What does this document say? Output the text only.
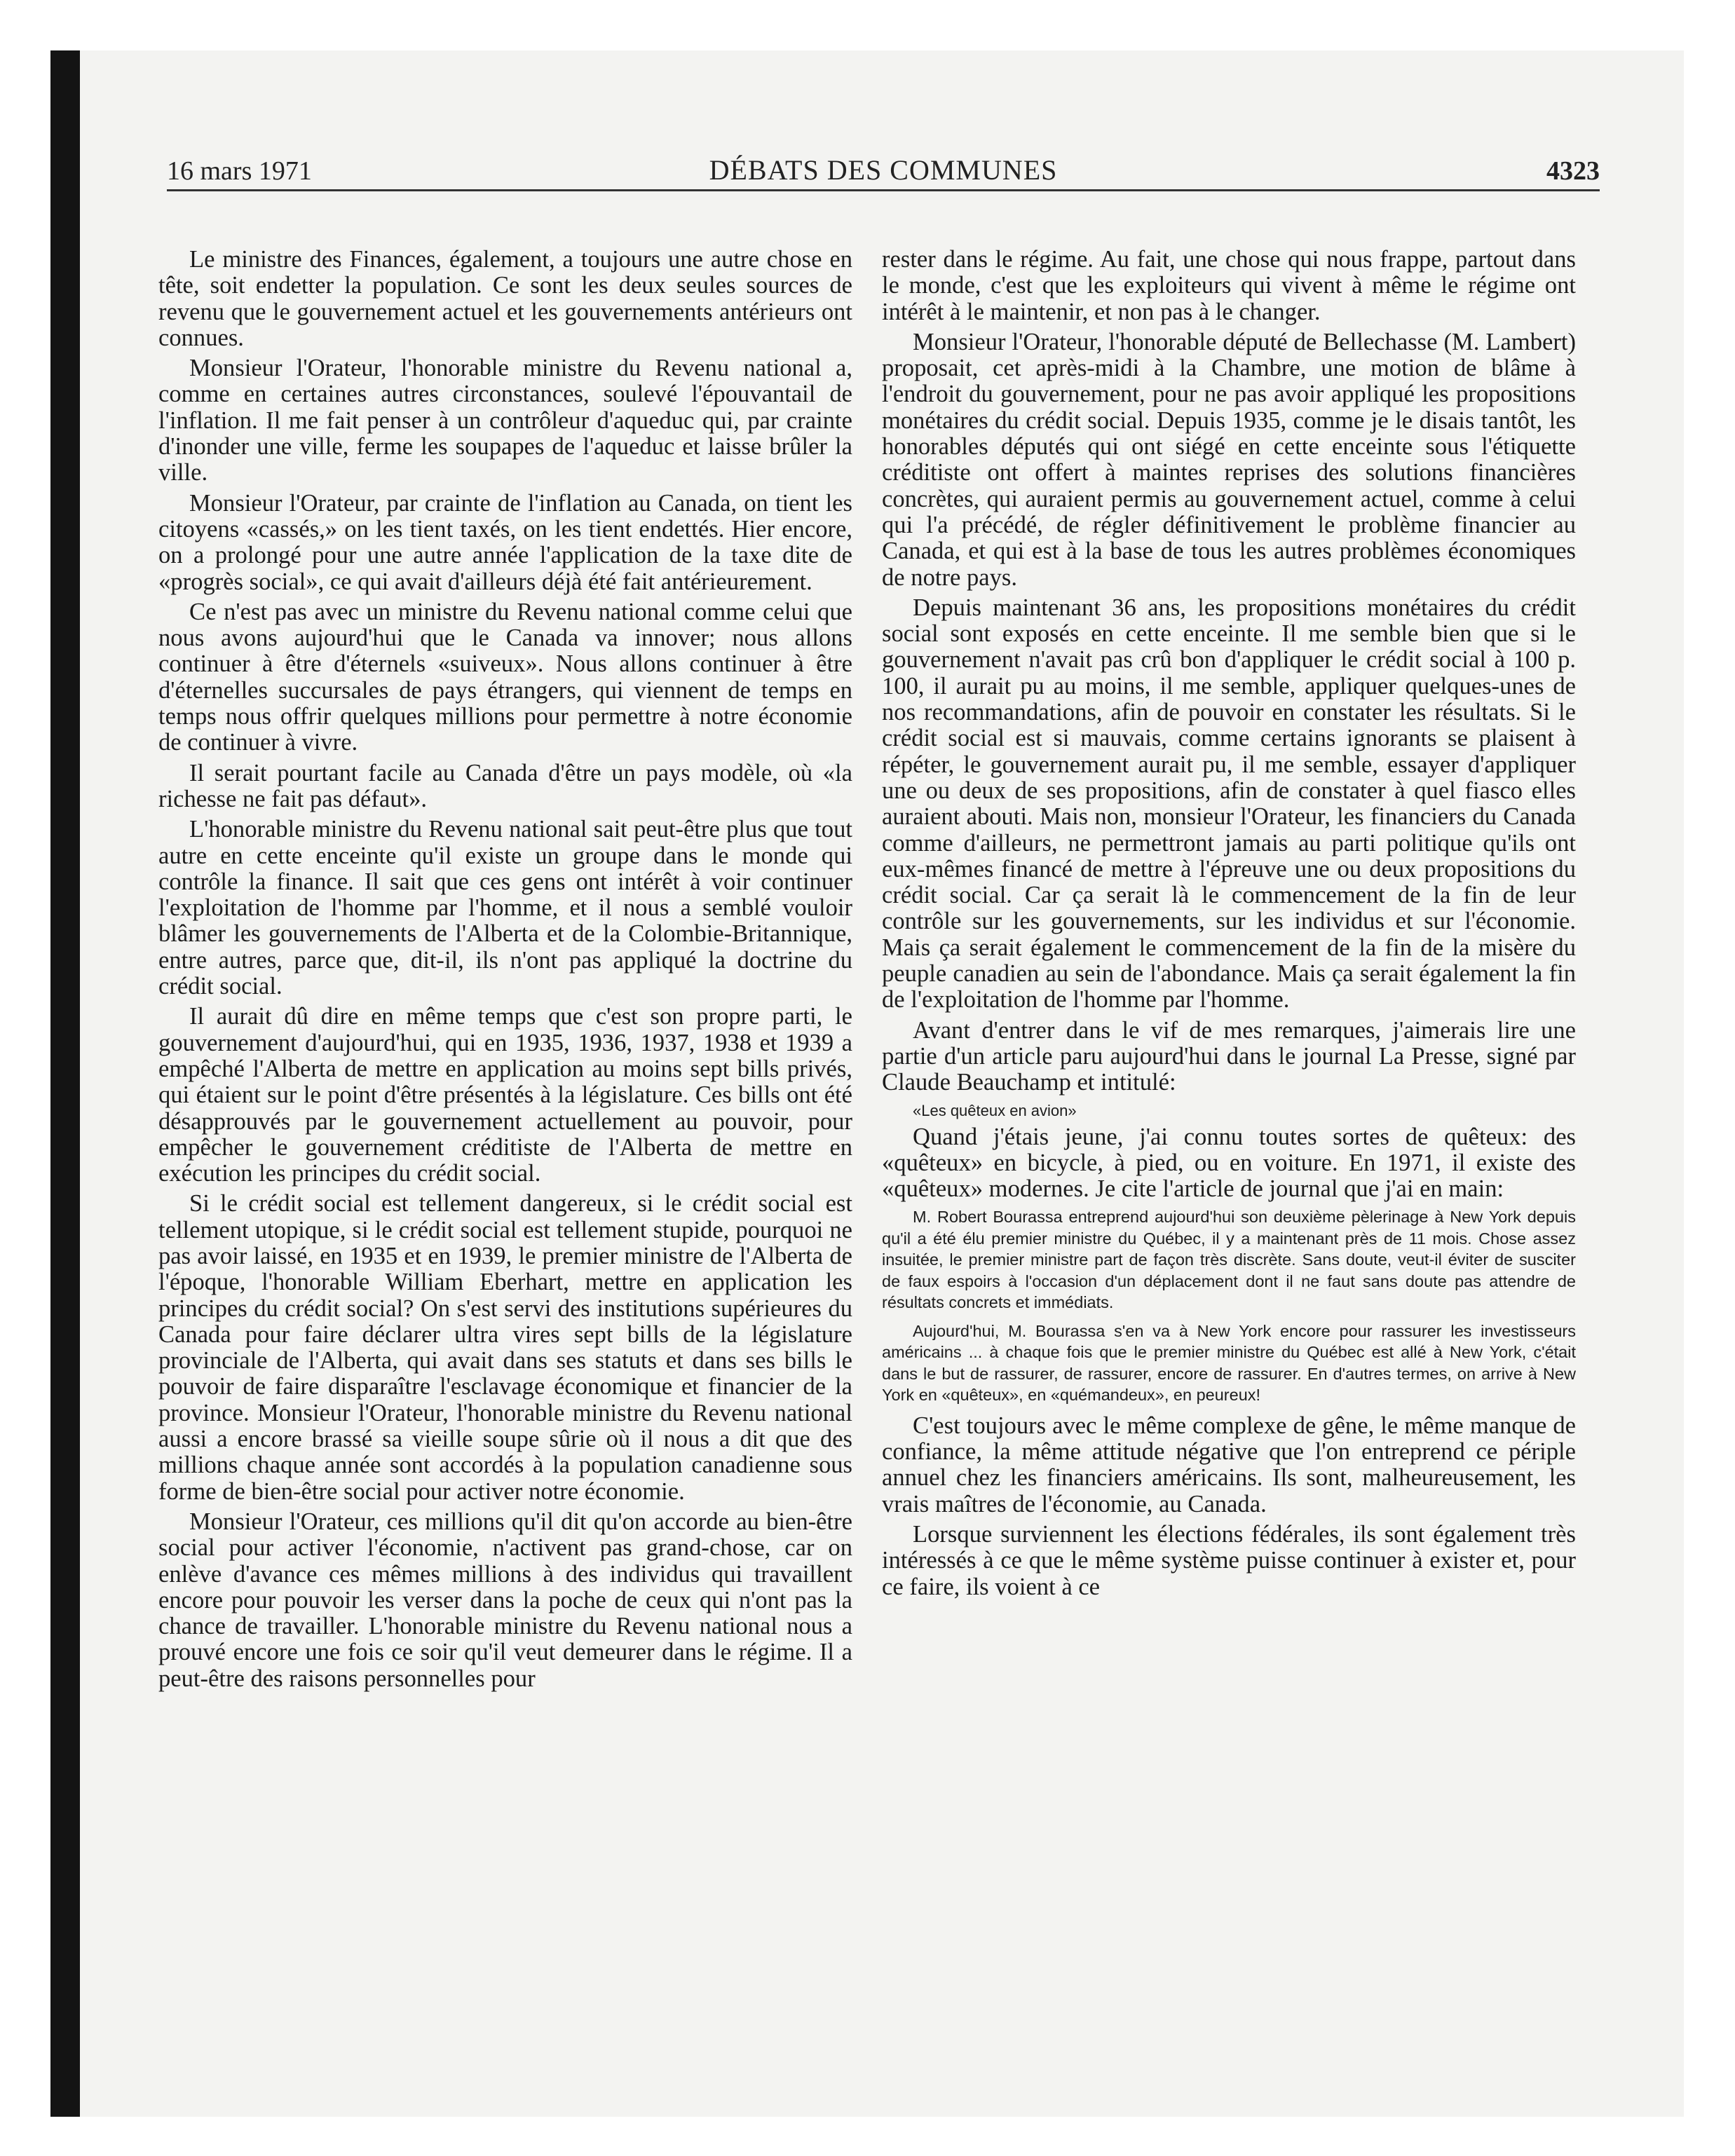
16 mars 1971	DÉBATS DES COMMUNES	4323

Le ministre des Finances, également, a toujours une autre chose en tête, soit endetter la population. Ce sont les deux seules sources de revenu que le gouvernement actuel et les gouvernements antérieurs ont connues.

Monsieur l'Orateur, l'honorable ministre du Revenu national a, comme en certaines autres circonstances, soulevé l'épouvantail de l'inflation. Il me fait penser à un contrôleur d'aqueduc qui, par crainte d'inonder une ville, ferme les soupapes de l'aqueduc et laisse brûler la ville.

Monsieur l'Orateur, par crainte de l'inflation au Canada, on tient les citoyens «cassés,» on les tient taxés, on les tient endettés. Hier encore, on a prolongé pour une autre année l'application de la taxe dite de «progrès social», ce qui avait d'ailleurs déjà été fait antérieurement.

Ce n'est pas avec un ministre du Revenu national comme celui que nous avons aujourd'hui que le Canada va innover; nous allons continuer à être d'éternels «suiveux». Nous allons continuer à être d'éternelles succursales de pays étrangers, qui viennent de temps en temps nous offrir quelques millions pour permettre à notre économie de continuer à vivre.

Il serait pourtant facile au Canada d'être un pays modèle, où «la richesse ne fait pas défaut».

L'honorable ministre du Revenu national sait peut-être plus que tout autre en cette enceinte qu'il existe un groupe dans le monde qui contrôle la finance. Il sait que ces gens ont intérêt à voir continuer l'exploitation de l'homme par l'homme, et il nous a semblé vouloir blâmer les gouvernements de l'Alberta et de la Colombie-Britannique, entre autres, parce que, dit-il, ils n'ont pas appliqué la doctrine du crédit social.

Il aurait dû dire en même temps que c'est son propre parti, le gouvernement d'aujourd'hui, qui en 1935, 1936, 1937, 1938 et 1939 a empêché l'Alberta de mettre en application au moins sept bills privés, qui étaient sur le point d'être présentés à la législature. Ces bills ont été désapprouvés par le gouvernement actuellement au pouvoir, pour empêcher le gouvernement créditiste de l'Alberta de mettre en exécution les principes du crédit social.

Si le crédit social est tellement dangereux, si le crédit social est tellement utopique, si le crédit social est tellement stupide, pourquoi ne pas avoir laissé, en 1935 et en 1939, le premier ministre de l'Alberta de l'époque, l'honorable William Eberhart, mettre en application les principes du crédit social? On s'est servi des institutions supérieures du Canada pour faire déclarer ultra vires sept bills de la législature provinciale de l'Alberta, qui avait dans ses statuts et dans ses bills le pouvoir de faire disparaître l'esclavage économique et financier de la province. Monsieur l'Orateur, l'honorable ministre du Revenu national aussi a encore brassé sa vieille soupe sûrie où il nous a dit que des millions chaque année sont accordés à la population canadienne sous forme de bien-être social pour activer notre économie.

Monsieur l'Orateur, ces millions qu'il dit qu'on accorde au bien-être social pour activer l'économie, n'activent pas grand-chose, car on enlève d'avance ces mêmes millions à des individus qui travaillent encore pour pouvoir les verser dans la poche de ceux qui n'ont pas la chance de travailler. L'honorable ministre du Revenu national nous a prouvé encore une fois ce soir qu'il veut demeurer dans le régime. Il a peut-être des raisons personnelles pour

rester dans le régime. Au fait, une chose qui nous frappe, partout dans le monde, c'est que les exploiteurs qui vivent à même le régime ont intérêt à le maintenir, et non pas à le changer.

Monsieur l'Orateur, l'honorable député de Bellechasse (M. Lambert) proposait, cet après-midi à la Chambre, une motion de blâme à l'endroit du gouvernement, pour ne pas avoir appliqué les propositions monétaires du crédit social. Depuis 1935, comme je le disais tantôt, les honorables députés qui ont siégé en cette enceinte sous l'étiquette créditiste ont offert à maintes reprises des solutions financières concrètes, qui auraient permis au gouvernement actuel, comme à celui qui l'a précédé, de régler définitivement le problème financier au Canada, et qui est à la base de tous les autres problèmes économiques de notre pays.

Depuis maintenant 36 ans, les propositions monétaires du crédit social sont exposés en cette enceinte. Il me semble bien que si le gouvernement n'avait pas crû bon d'appliquer le crédit social à 100 p. 100, il aurait pu au moins, il me semble, appliquer quelques-unes de nos recommandations, afin de pouvoir en constater les résultats. Si le crédit social est si mauvais, comme certains ignorants se plaisent à répéter, le gouvernement aurait pu, il me semble, essayer d'appliquer une ou deux de ses propositions, afin de constater à quel fiasco elles auraient abouti. Mais non, monsieur l'Orateur, les financiers du Canada comme d'ailleurs, ne permettront jamais au parti politique qu'ils ont eux-mêmes financé de mettre à l'épreuve une ou deux propositions du crédit social. Car ça serait là le commencement de la fin de leur contrôle sur les gouvernements, sur les individus et sur l'économie. Mais ça serait également le commencement de la fin de la misère du peuple canadien au sein de l'abondance. Mais ça serait également la fin de l'exploitation de l'homme par l'homme.

Avant d'entrer dans le vif de mes remarques, j'aimerais lire une partie d'un article paru aujourd'hui dans le journal La Presse, signé par Claude Beauchamp et intitulé:

«Les quêteux en avion»

Quand j'étais jeune, j'ai connu toutes sortes de quêteux: des «quêteux» en bicycle, à pied, ou en voiture. En 1971, il existe des «quêteux» modernes. Je cite l'article de journal que j'ai en main:

M. Robert Bourassa entreprend aujourd'hui son deuxième pèlerinage à New York depuis qu'il a été élu premier ministre du Québec, il y a maintenant près de 11 mois. Chose assez insuitée, le premier ministre part de façon très discrète. Sans doute, veut-il éviter de susciter de faux espoirs à l'occasion d'un déplacement dont il ne faut sans doute pas attendre de résultats concrets et immédiats.

Aujourd'hui, M. Bourassa s'en va à New York encore pour rassurer les investisseurs américains ... à chaque fois que le premier ministre du Québec est allé à New York, c'était dans le but de rassurer, de rassurer, encore de rassurer. En d'autres termes, on arrive à New York en «quêteux», en «quémandeux», en peureux!

C'est toujours avec le même complexe de gêne, le même manque de confiance, la même attitude négative que l'on entreprend ce périple annuel chez les financiers américains. Ils sont, malheureusement, les vrais maîtres de l'économie, au Canada.

Lorsque surviennent les élections fédérales, ils sont également très intéressés à ce que le même système puisse continuer à exister et, pour ce faire, ils voient à ce
